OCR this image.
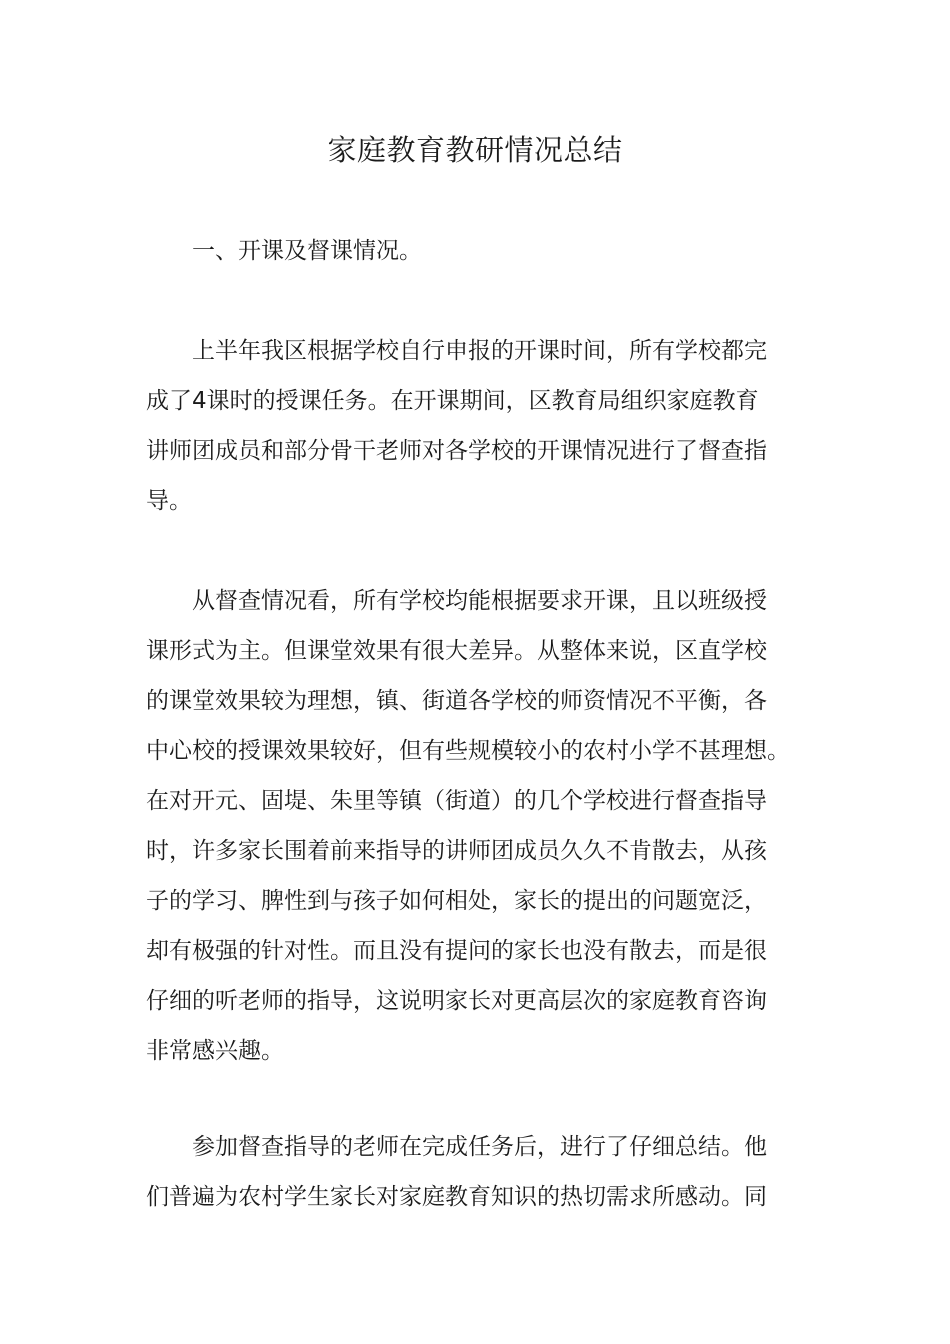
家庭教育教研情况总结

一、开课及督课情况。

上半年我区根据学校自行申报的开课时间，所有学校都完
成了4课时的授课任务。在开课期间，区教育局组织家庭教育
讲师团成员和部分骨干老师对各学校的开课情况进行了督查指
导。

从督查情况看，所有学校均能根据要求开课，且以班级授
课形式为主。但课堂效果有很大差异。从整体来说，区直学校
的课堂效果较为理想，镇、街道各学校的师资情况不平衡，各
中心校的授课效果较好，但有些规模较小的农村小学不甚理想。
在对开元、固堤、朱里等镇（街道）的几个学校进行督查指导
时，许多家长围着前来指导的讲师团成员久久不肯散去，从孩
子的学习、脾性到与孩子如何相处，家长的提出的问题宽泛，
却有极强的针对性。而且没有提问的家长也没有散去，而是很
仔细的听老师的指导，这说明家长对更高层次的家庭教育咨询
非常感兴趣。

参加督查指导的老师在完成任务后，进行了仔细总结。他
们普遍为农村学生家长对家庭教育知识的热切需求所感动。同
